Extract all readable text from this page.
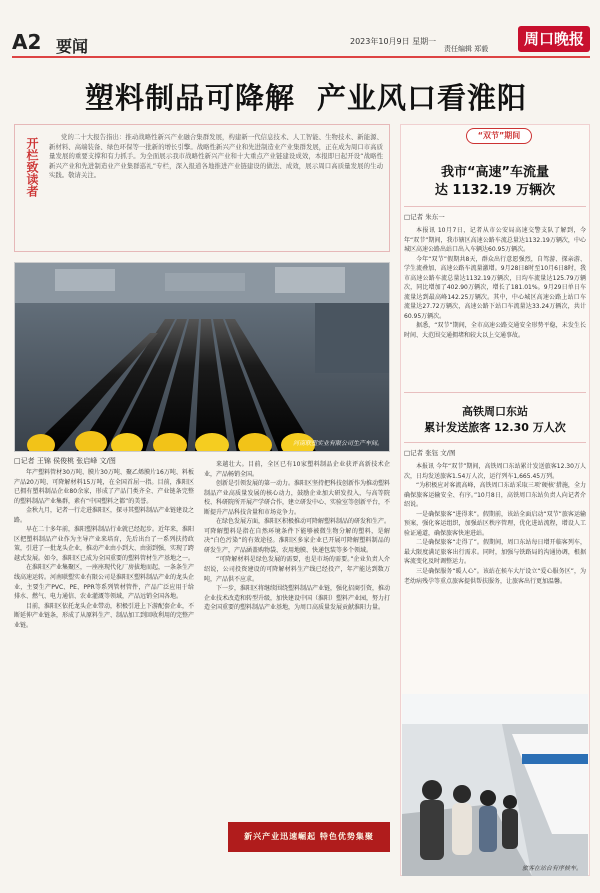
A2 要闻	2023年10月9日 星期一
责任编辑 郑毅
周口晚报
塑料制品可降解 产业风口看淮阳
开栏致读者	党的二十大报告指出：推动战略性新兴产业融合集群发展，构建新一代信息技术、人工智能、生物技术、新能源、新材料、高端装备、绿色环保等一批新的增长引擎。战略性新兴产业和先进制造业产业集群发展，正在成为周口市高质量发展的重要支撑和有力抓手。为全面展示我市战略性新兴产业和十大重点产业链建设成效，本报即日起开设“战略性新兴产业和先进制造业产业集群巡礼”专栏，深入报道各地推进产业链建设的做法、成效，展示周口高质量发展的生动实践。敬请关注。
河南联塑实业有限公司生产车间。
□记者 王锦 侯俊桃 张启峰 文/图

年产塑料管材30万吨、膜片30万吨、聚乙烯膜片16万吨、料板产品20万吨、可降解材料15万吨，在全国首屈一指。目前，淮阳区已拥有塑料制品企业80余家，形成了产品门类齐全、产业链条完整的塑料制品产业集群，素有“中国塑料之都”的美誉。

金秋九月，记者一行走进淮阳区，探寻其塑料制品产业链建设之路。

早在二十多年前，淮阳塑料制品行业就已经起步。近年来，淮阳区把塑料制品产业作为主导产业来培育，先后出台了一系列扶持政策，引进了一批龙头企业，推动产业由小到大、由弱到强，实现了跨越式发展。如今，淮阳区已成为全国重要的塑料管材生产基地之一。

在淮阳区产业集聚区，一座座现代化厂房拔地而起，一条条生产线高速运转。河南联塑实业有限公司是淮阳区塑料制品产业的龙头企业，主要生产PVC、PE、PPR等系列管材管件，产品广泛应用于给排水、燃气、电力通信、农业灌溉等领域，产品远销全国各地。

目前，淮阳区依托龙头企业带动，积极引进上下游配套企业，不断延伸产业链条，形成了从原料生产、制品加工到回收利用的完整产业链。

来越壮大。目前，全区已有10家塑料制品企业获评高新技术企业，产品畅销全国。

创新是引领发展的第一动力。淮阳区坚持把科技创新作为推动塑料制品产业高质量发展的核心动力，鼓励企业加大研发投入，与高等院校、科研院所开展产学研合作，建立研发中心、实验室等创新平台，不断提升产品科技含量和市场竞争力。

在绿色发展方面，淮阳区积极推动可降解塑料制品的研发和生产。可降解塑料是指在自然环境条件下能够被微生物分解的塑料，是解决“白色污染”的有效途径。淮阳区多家企业已开展可降解塑料制品的研发生产，产品涵盖购物袋、农用地膜、快递包装等多个领域。

“可降解材料是绿色发展的需要，也是市场的需要。”企业负责人介绍说，公司投资建设的可降解材料生产线已经投产，年产能达到数万吨，产品供不应求。

下一步，淮阳区将继续围绕塑料制品产业链，强化招商引资，推动企业技术改造和转型升级，加快建设中国（淮阳）塑料产业园，努力打造全国重要的塑料制品产业基地，为周口高质量发展贡献淮阳力量。

新兴产业迅速崛起 特色优势集聚
“双节”期间
我市“高速”车流量
达 1132.19 万辆次
□记者 朱东一

本报讯 10月7日，记者从市公安局高速交警支队了解到，今年“双节”期间，我市辖区高速公路车流总量达1132.19万辆次，中心城区高速公路出站口出入车辆达60.95万辆次。

今年“双节”假期共8天，群众出行意愿强烈，自驾游、探亲游、学生流叠加，高速公路车流量激增。9月28日8时至10月6日8时，我市高速公路车流总量达1132.19万辆次，日均车流量达125.79万辆次，同比增加了402.90万辆次，增长了181.01%。9月29日单日车流量达到最高峰142.25万辆次。其中，中心城区高速公路上站口车流量达27.72万辆次，高速公路下站口车流量达33.24万辆次，共计60.95万辆次。

据悉，“双节”期间，全市高速公路交通安全形势平稳，未发生长时间、大范围交通拥堵和较大以上交通事故。

高铁周口东站
累计发送旅客 12.30 万人次
□记者 张钰 文/图

本报讯 今年“双节”期间，高铁周口东站累计发送旅客12.30万人次，日均发送旅客1.54万人次，运行列车1,665.45万列。

“为积极应对客流高峰，高铁周口东站采取三项‘硬核’措施，全力确保旅客运输安全、有序。”10月8日，高铁周口东站负责人向记者介绍说。

一是确保旅客“进得来”。假期前，该站全面启动“双节”旅客运输预案，强化客运组织，加强站区秩序管理，优化进站流程，增设人工验证通道，确保旅客快速进站。

二是确保旅客“走得了”。假期间，周口东站每日增开临客列车，最大限度满足旅客出行需求。同时，加强与铁路局的沟通协调，根据客流变化及时调整运力。

三是确保服务“暖人心”。该站在候车大厅设立“爱心服务区”，为老幼病残孕等重点旅客提供帮扶服务，让旅客出行更加温馨。

旅客在站台有序候车。
